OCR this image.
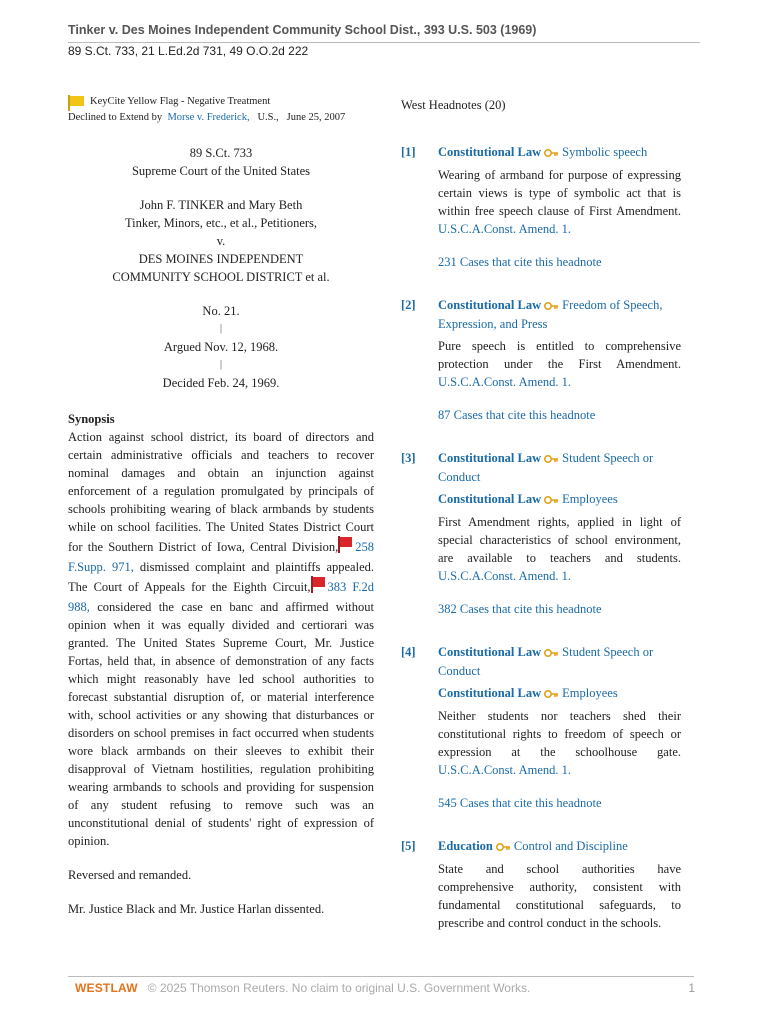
Tinker v. Des Moines Independent Community School Dist., 393 U.S. 503 (1969)
89 S.Ct. 733, 21 L.Ed.2d 731, 49 O.O.2d 222
KeyCite Yellow Flag - Negative Treatment
Declined to Extend by Morse v. Frederick, U.S., June 25, 2007
89 S.Ct. 733
Supreme Court of the United States
John F. TINKER and Mary Beth
Tinker, Minors, etc., et al., Petitioners,
v.
DES MOINES INDEPENDENT
COMMUNITY SCHOOL DISTRICT et al.
No. 21.
|
Argued Nov. 12, 1968.
|
Decided Feb. 24, 1969.
Synopsis

Action against school district, its board of directors and certain administrative officials and teachers to recover nominal damages and obtain an injunction against enforcement of a regulation promulgated by principals of schools prohibiting wearing of black armbands by students while on school facilities. The United States District Court for the Southern District of Iowa, Central Division, 258 F.Supp. 971, dismissed complaint and plaintiffs appealed. The Court of Appeals for the Eighth Circuit, 383 F.2d 988, considered the case en banc and affirmed without opinion when it was equally divided and certiorari was granted. The United States Supreme Court, Mr. Justice Fortas, held that, in absence of demonstration of any facts which might reasonably have led school authorities to forecast substantial disruption of, or material interference with, school activities or any showing that disturbances or disorders on school premises in fact occurred when students wore black armbands on their sleeves to exhibit their disapproval of Vietnam hostilities, regulation prohibiting wearing armbands to schools and providing for suspension of any student refusing to remove such was an unconstitutional denial of students' right of expression of opinion.

Reversed and remanded.

Mr. Justice Black and Mr. Justice Harlan dissented.

West Headnotes (20)
[1] Constitutional Law Symbolic speech
Wearing of armband for purpose of expressing certain views is type of symbolic act that is within free speech clause of First Amendment. U.S.C.A.Const. Amend. 1.
231 Cases that cite this headnote
[2] Constitutional Law Freedom of Speech, Expression, and Press
Pure speech is entitled to comprehensive protection under the First Amendment. U.S.C.A.Const. Amend. 1.
87 Cases that cite this headnote
[3] Constitutional Law Student Speech or Conduct
Constitutional Law Employees
First Amendment rights, applied in light of special characteristics of school environment, are available to teachers and students. U.S.C.A.Const. Amend. 1.
382 Cases that cite this headnote
[4] Constitutional Law Student Speech or Conduct
Constitutional Law Employees
Neither students nor teachers shed their constitutional rights to freedom of speech or expression at the schoolhouse gate. U.S.C.A.Const. Amend. 1.
545 Cases that cite this headnote
[5] Education Control and Discipline
State and school authorities have comprehensive authority, consistent with fundamental constitutional safeguards, to prescribe and control conduct in the schools.
WESTLAW © 2025 Thomson Reuters. No claim to original U.S. Government Works.	1
